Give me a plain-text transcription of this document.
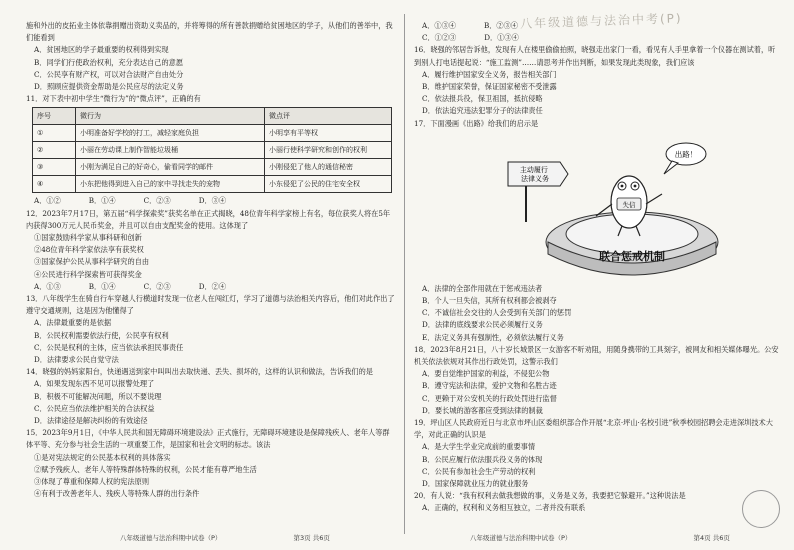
八年级道德与法治中考(P)

施和外出的皮拓业主体依靠捐赠出资助义卖品的，并将筹得的所有善款捐赠给贫困地区的学子，从他们的善举中，我们能看到

A．贫困地区的学子最重要的权利得到实现

B．同学们行使政治权利，充分表达自己的意愿

C．公民享有财产权，可以对合法财产自由处分

D．照顾应提供资金帮助是公民应尽的法定义务

11．对下表中初中学生“微行为”的“微点评”，正确的有

序号	微行为	微点评
①	小明准备好学校的打工，减轻家庭负担	小明享有平等权
②	小丽在劳动课上制作智能垃圾桶	小丽行使科学研究和创作的权利
③	小刚为满足自己的好奇心，偷看同学的邮件	小刚侵犯了他人的通信秘密
④	小东把他得到进入自己的家中寻找走失的宠物	小东侵犯了公民的住宅安全权
A．①②	B．①④	C．②③	D．③④

12．2023年7月17日，第五届“科学探索奖”获奖名单在正式揭晓，48位青年科学家榜上有名，每位获奖人将在5年内获得300万元人民币奖金，并且可以自由支配奖金的使用。这体现了

①国家鼓励科学家从事科研和创新

②48位青年科学家依法享有获奖权

③国家保护公民从事科学研究的自由

④公民进行科学探索皆可获得奖金

A．①③	B．①④	C．②③	D．②④

13．八年级学生在骑自行车穿越人行横道时发现一位老人在闯红灯，学习了道德与法治相关内容后，他们对此作出了遵守交通规则，这是因为他懂得了

A．法律最重要的是依据

B．公民权利需要依法行使，公民享有权利

C．公民是权利的主体，应当依法承担民事责任

D．法律要求公民自觉守法

14．晓强的妈妈家阳台，快递遇送到家中叫叫出去取快递、丢失、损坏的，这样的认识和做法，告诉我们的是

A．如果发现东西不见可以报警处理了

B．积极不可能解决问题，所以不要说理

C．公民应当依法维护相关的合法权益

D．法律途径是解决纠纷的有效途径

15．2023年9月1日，《中华人民共和国无障碍环境建设法》正式施行，无障碍环境建设是保障残疾人、老年人等群体平等、充分参与社会生活的一项重要工作，是国家和社会文明的标志。该法

①是对宪法规定的公民基本权利的具体落实

②赋予残疾人、老年人等特殊群体特殊的权利，公民才能有尊严地生活

③体现了尊重和保障人权的宪法原则

④有利于改善老年人、残疾人等特殊人群的出行条件

八年级道德与法治科期中试卷（P）	第3页 共6页
A．①③④	B．②③④
C．①②③	D．①③④

16．晓强的邻居告诉他，发现有人在楼里偷偷拍照，晓强走出家门一看，看见有人手里拿着一个仪器在测试着，听到别人打电话提起说：“施工监测”……请思考并作出判断，如果发现此类现象，我们应该

A．履行维护国家安全义务，报告相关部门

B．维护国家荣誉，保证国家秘密不受泄露

C．依法报兵役，保卫祖国，抵抗侵略

D．依法追究违法犯罪分子的法律责任

17．下面漫画《出路》给我们的启示是

主动履行 法律义务
联合惩戒机制
失信
出路！

A．法律的全部作用就在于惩戒违法者

B．个人一旦失信，其所有权利都会被剥夺

C．不诚信社会交往的人会受到有关部门的惩罚

D．法律的底线要求公民必须履行义务

E．法定义务具有强制性，必须依法履行义务

18．2023年8月21日，八十岁长城景区一女游客不听劝阻，用随身携带的工具刻字，被网友和相关媒体曝光。公安机关依法依规对其作出行政处罚，这警示我们

A．要自觉维护国家的利益，不侵犯公物

B．遵守宪法和法律，爱护文物和名胜古迹

C．更赖于对公安机关的行政处罚进行监督

D．要长城的游客都应受到法律的制裁

19．坪山区人民政府近日与北京市坪山区委组织部合作开展“北京·坪山·名校引进”秋季校园招聘会走进深圳技术大学，对此正确的认识是

A．是大学生学业完成前的重要事情

B．公民应履行依法服兵役义务的体现

C．公民有参加社会生产劳动的权利

D．国家保障就业压力的就业服务

20．有人说：“我有权利去做我想做的事，义务是义务，我要把它躲避开。”这种说法是

A．正确的，权利和义务相互独立，二者并没有联系

八年级道德与法治科期中试卷（P）	第4页 共6页
